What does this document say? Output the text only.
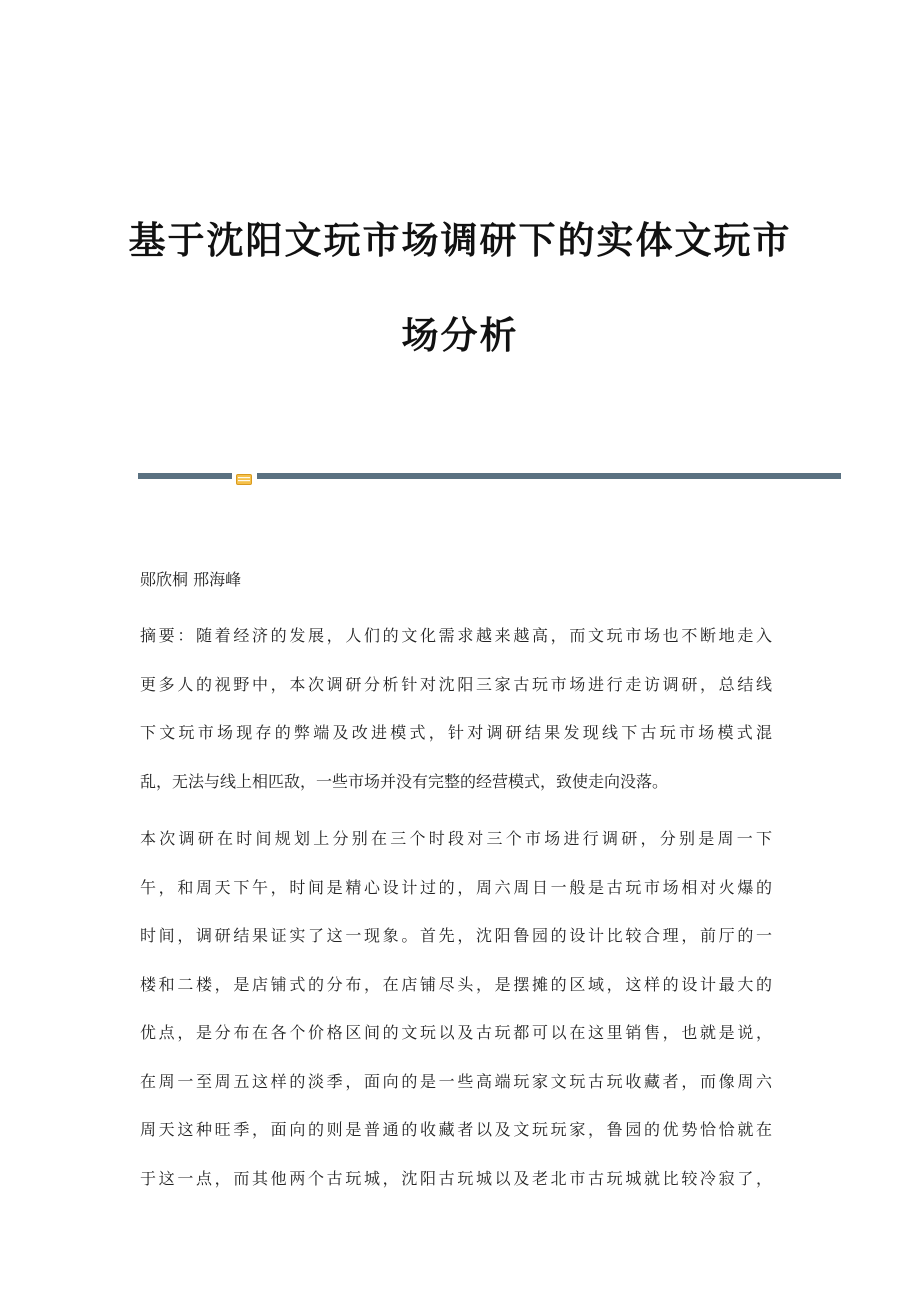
基于沈阳文玩市场调研下的实体文玩市
场分析
郧欣桐 邢海峰
摘要：随着经济的发展，人们的文化需求越来越高，而文玩市场也不断地走入
更多人的视野中，本次调研分析针对沈阳三家古玩市场进行走访调研，总结线
下文玩市场现存的弊端及改进模式，针对调研结果发现线下古玩市场模式混
乱，无法与线上相匹敌，一些市场并没有完整的经营模式，致使走向没落。
本次调研在时间规划上分别在三个时段对三个市场进行调研，分别是周一下
午，和周天下午，时间是精心设计过的，周六周日一般是古玩市场相对火爆的
时间，调研结果证实了这一现象。首先，沈阳鲁园的设计比较合理，前厅的一
楼和二楼，是店铺式的分布，在店铺尽头，是摆摊的区域，这样的设计最大的
优点，是分布在各个价格区间的文玩以及古玩都可以在这里销售，也就是说，
在周一至周五这样的淡季，面向的是一些高端玩家文玩古玩收藏者，而像周六
周天这种旺季，面向的则是普通的收藏者以及文玩玩家，鲁园的优势恰恰就在
于这一点，而其他两个古玩城，沈阳古玩城以及老北市古玩城就比较冷寂了，
